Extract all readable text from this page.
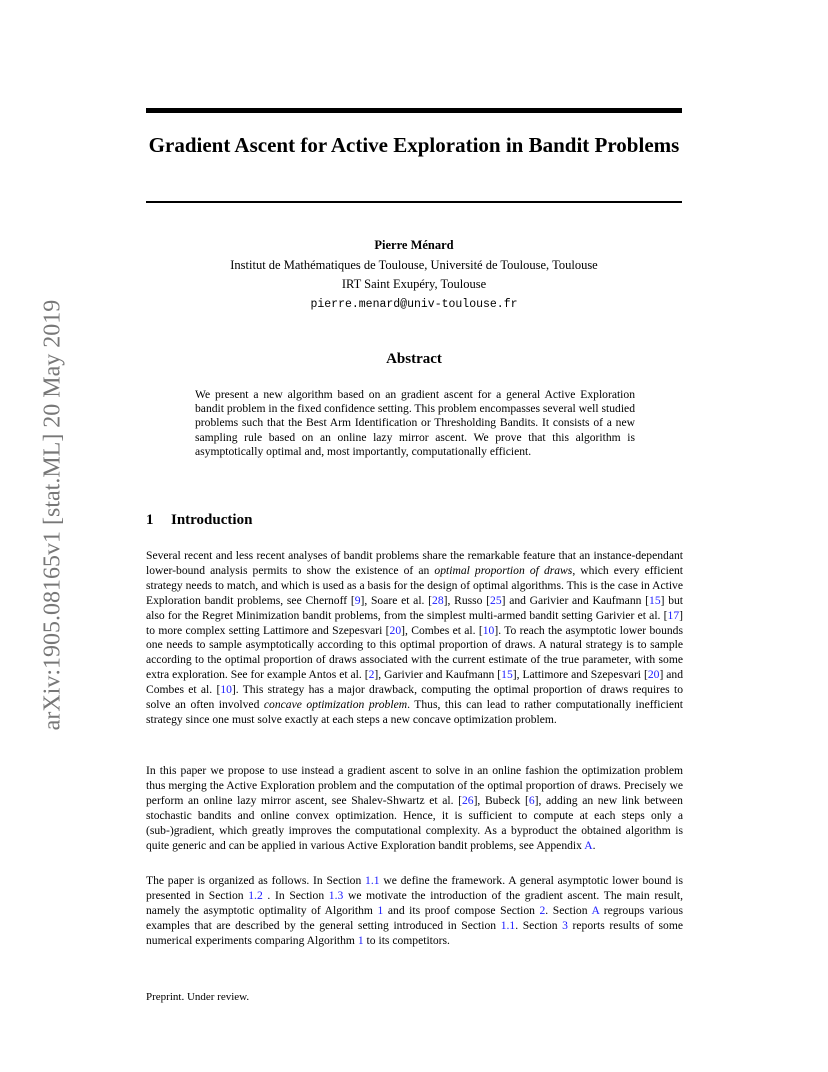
arXiv:1905.08165v1 [stat.ML] 20 May 2019
Gradient Ascent for Active Exploration in Bandit Problems
Pierre Ménard
Institut de Mathématiques de Toulouse, Université de Toulouse, Toulouse
IRT Saint Exupéry, Toulouse
pierre.menard@univ-toulouse.fr
Abstract
We present a new algorithm based on an gradient ascent for a general Active Exploration bandit problem in the fixed confidence setting. This problem encompasses several well studied problems such that the Best Arm Identification or Thresholding Bandits. It consists of a new sampling rule based on an online lazy mirror ascent. We prove that this algorithm is asymptotically optimal and, most importantly, computationally efficient.
1 Introduction
Several recent and less recent analyses of bandit problems share the remarkable feature that an instance-dependant lower-bound analysis permits to show the existence of an optimal proportion of draws, which every efficient strategy needs to match, and which is used as a basis for the design of optimal algorithms. This is the case in Active Exploration bandit problems, see Chernoff [9], Soare et al. [28], Russo [25] and Garivier and Kaufmann [15] but also for the Regret Minimization bandit problems, from the simplest multi-armed bandit setting Garivier et al. [17] to more complex setting Lattimore and Szepesvari [20], Combes et al. [10]. To reach the asymptotic lower bounds one needs to sample asymptotically according to this optimal proportion of draws. A natural strategy is to sample according to the optimal proportion of draws associated with the current estimate of the true parameter, with some extra exploration. See for example Antos et al. [2], Garivier and Kaufmann [15], Lattimore and Szepesvari [20] and Combes et al. [10]. This strategy has a major drawback, computing the optimal proportion of draws requires to solve an often involved concave optimization problem. Thus, this can lead to rather computationally inefficient strategy since one must solve exactly at each steps a new concave optimization problem.
In this paper we propose to use instead a gradient ascent to solve in an online fashion the optimization problem thus merging the Active Exploration problem and the computation of the optimal proportion of draws. Precisely we perform an online lazy mirror ascent, see Shalev-Shwartz et al. [26], Bubeck [6], adding an new link between stochastic bandits and online convex optimization. Hence, it is sufficient to compute at each steps only a (sub-)gradient, which greatly improves the computational complexity. As a byproduct the obtained algorithm is quite generic and can be applied in various Active Exploration bandit problems, see Appendix A.
The paper is organized as follows. In Section 1.1 we define the framework. A general asymptotic lower bound is presented in Section 1.2 . In Section 1.3 we motivate the introduction of the gradient ascent. The main result, namely the asymptotic optimality of Algorithm 1 and its proof compose Section 2. Section A regroups various examples that are described by the general setting introduced in Section 1.1. Section 3 reports results of some numerical experiments comparing Algorithm 1 to its competitors.
Preprint. Under review.
